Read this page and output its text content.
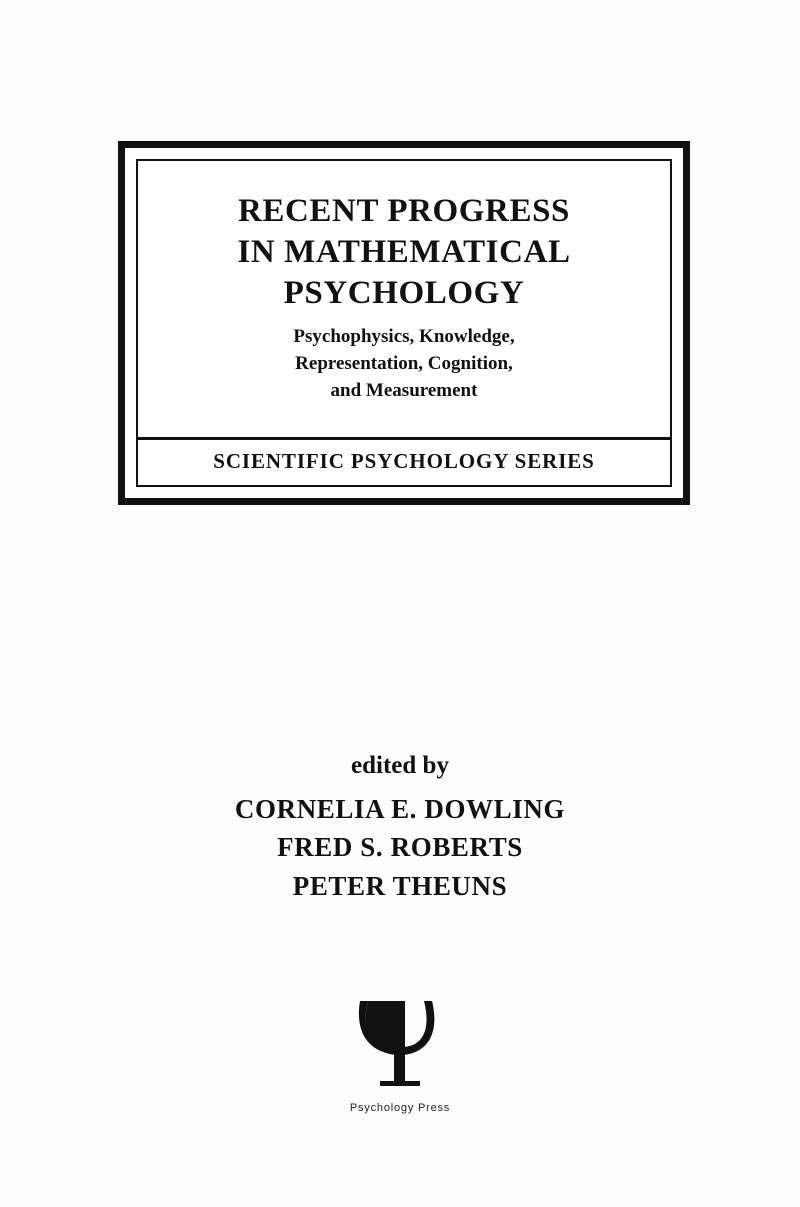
RECENT PROGRESS
IN MATHEMATICAL
PSYCHOLOGY
Psychophysics, Knowledge,
Representation, Cognition,
and Measurement
SCIENTIFIC PSYCHOLOGY SERIES
edited by
CORNELIA E. DOWLING
FRED S. ROBERTS
PETER THEUNS
Psychology Press
